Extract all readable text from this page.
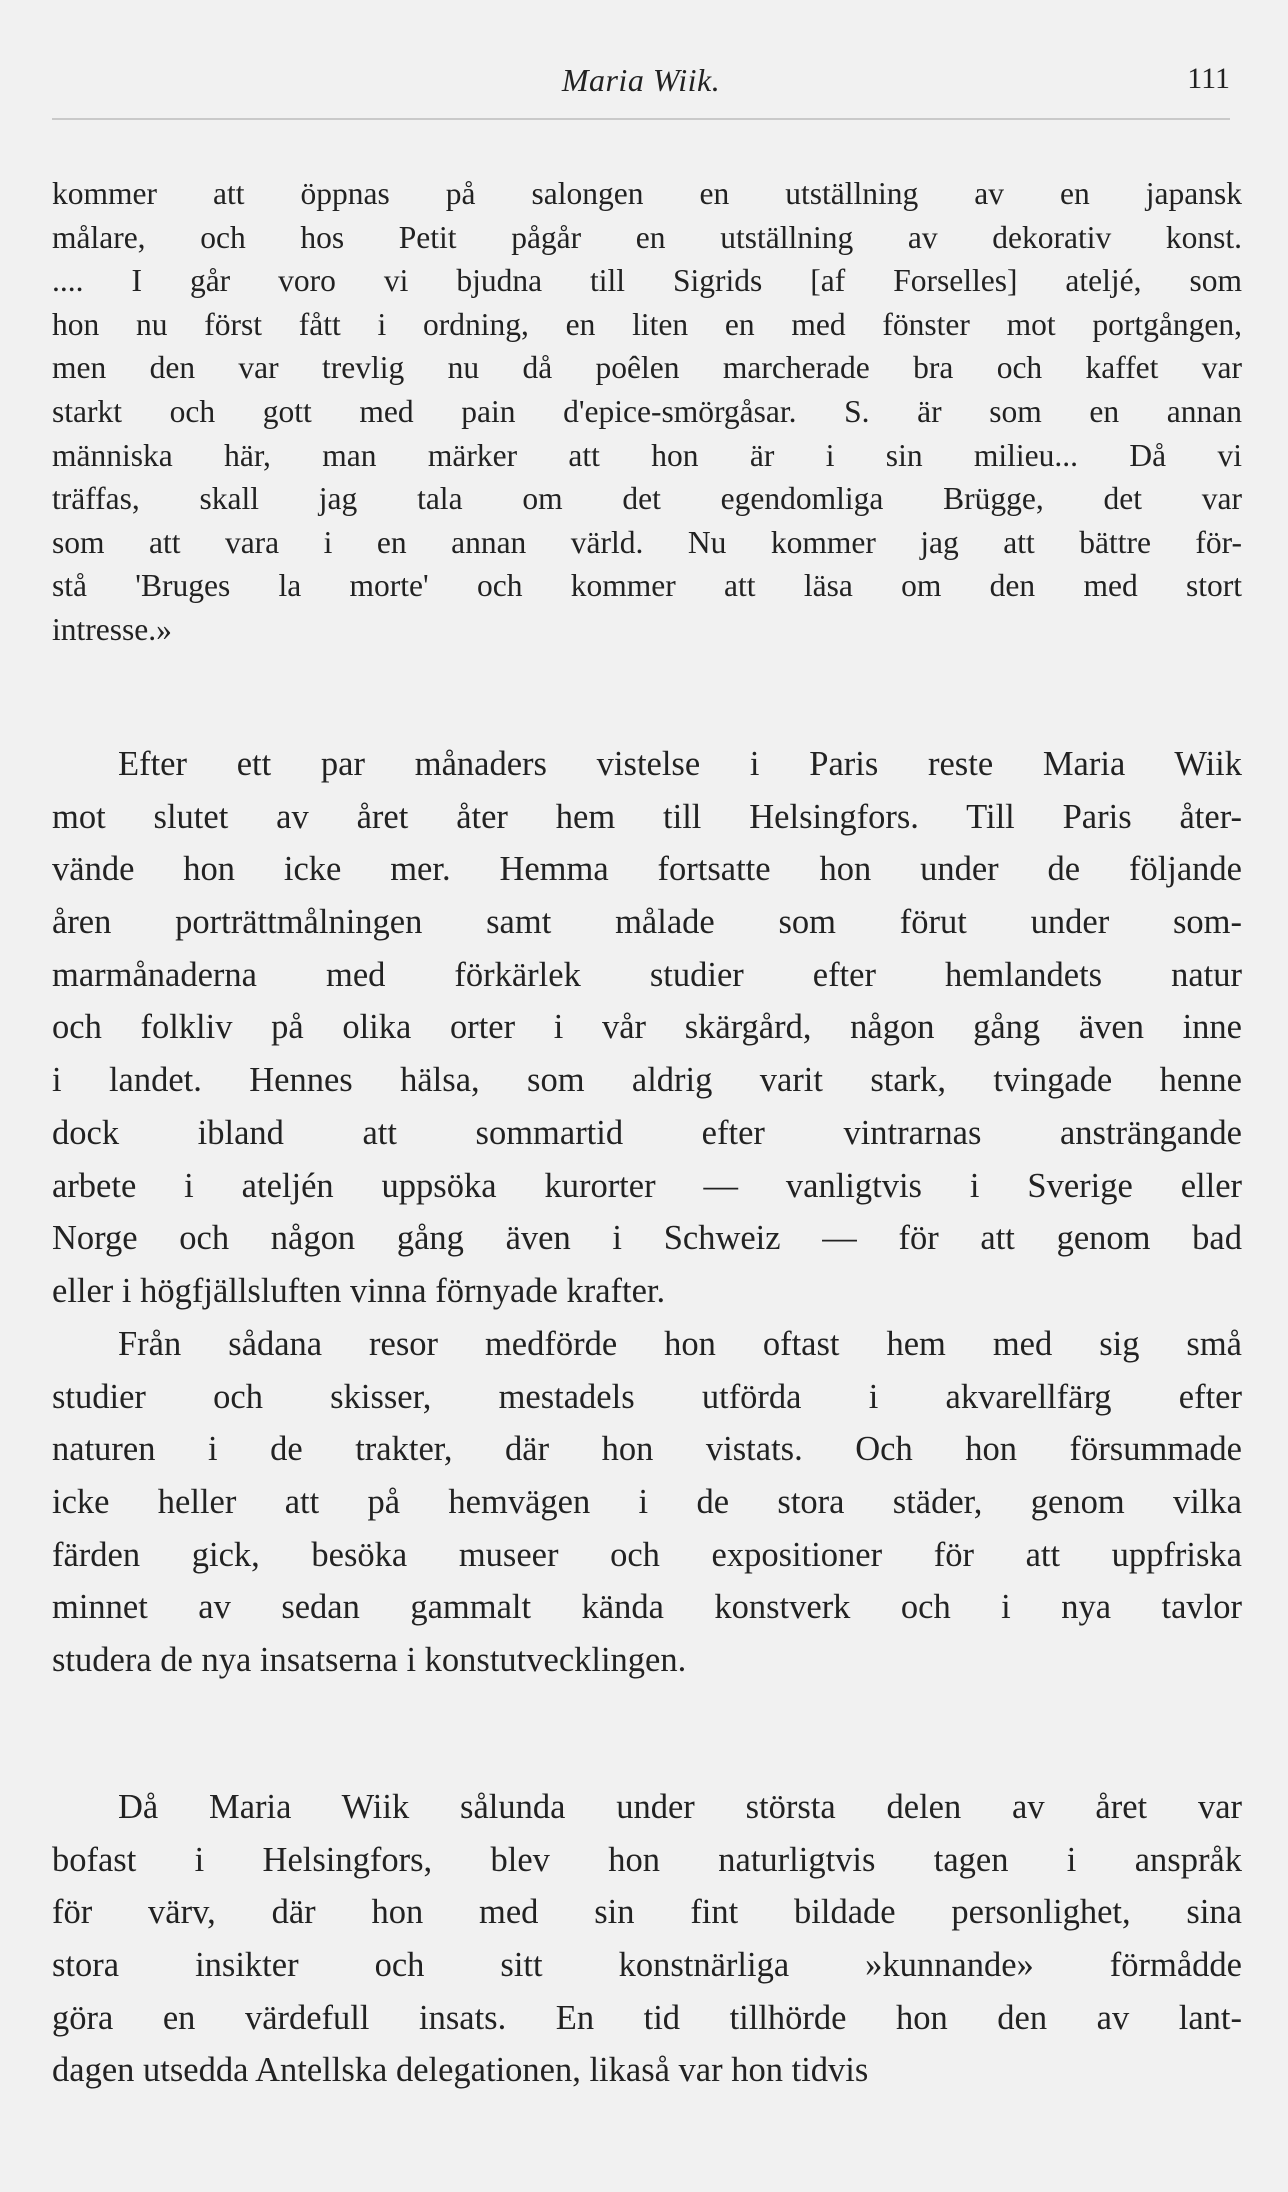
Maria Wiik.	111
kommer att öppnas på salongen en utställning av en japansk
målare, och hos Petit pågår en utställning av dekorativ konst.
.... I går voro vi bjudna till Sigrids [af Forselles] ateljé, som
hon nu först fått i ordning, en liten en med fönster mot portgången,
men den var trevlig nu då poêlen marcherade bra och kaffet var
starkt och gott med pain d'epice-smörgåsar. S. är som en annan
människa här, man märker att hon är i sin milieu... Då vi
träffas, skall jag tala om det egendomliga Brügge, det var
som att vara i en annan värld. Nu kommer jag att bättre för-
stå 'Bruges la morte' och kommer att läsa om den med stort
intresse.»
Efter ett par månaders vistelse i Paris reste Maria Wiik
mot slutet av året åter hem till Helsingfors. Till Paris åter-
vände hon icke mer. Hemma fortsatte hon under de följande
åren porträttmålningen samt målade som förut under som-
marmånaderna med förkärlek studier efter hemlandets natur
och folkliv på olika orter i vår skärgård, någon gång även inne
i landet. Hennes hälsa, som aldrig varit stark, tvingade henne
dock ibland att sommartid efter vintrarnas ansträngande
arbete i ateljén uppsöka kurorter — vanligtvis i Sverige eller
Norge och någon gång även i Schweiz — för att genom bad
eller i högfjällsluften vinna förnyade krafter.
Från sådana resor medförde hon oftast hem med sig små
studier och skisser, mestadels utförda i akvarellfärg efter
naturen i de trakter, där hon vistats. Och hon försummade
icke heller att på hemvägen i de stora städer, genom vilka
färden gick, besöka museer och expositioner för att uppfriska
minnet av sedan gammalt kända konstverk och i nya tavlor
studera de nya insatserna i konstutvecklingen.
Då Maria Wiik sålunda under största delen av året var
bofast i Helsingfors, blev hon naturligtvis tagen i anspråk
för värv, där hon med sin fint bildade personlighet, sina
stora insikter och sitt konstnärliga »kunnande» förmådde
göra en värdefull insats. En tid tillhörde hon den av lant-
dagen utsedda Antellska delegationen, likaså var hon tidvis
